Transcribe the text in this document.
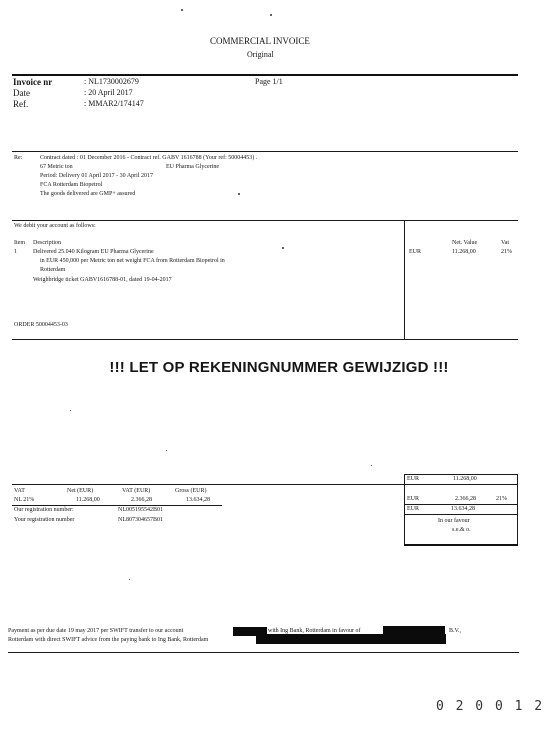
COMMERCIAL INVOICE
Original
Invoice nr	: NL1730002679	Page 1/1
Date	: 20 April 2017
Ref.	: MMAR2/174147
Re:	Contract dated : 01 December 2016 - Contract ref. GABV 1616788 (Your ref: 50004453) .
67 Metric ton	EU Pharma Glycerine
Period: Delivery 01 April 2017 - 30 April 2017
FCA Rotterdam Biopetrol
The goods delivered are GMP+ assured
We debit your account as follows:
Item Description	Net. Value	Vat
1	Delivered 25.040 Kilogram EU Pharma Glycerine
in EUR 450,000 per Metric ton net weight FCA from Rotterdam Biopetrol in
Rotterdam
Weighbridge ticket GABV1616788-01, dated 19-04-2017
EUR	11.268,00	21%
ORDER 50004453-03
!!! LET OP REKENINGNUMMER GEWIJZIGD !!!
VAT	Net (EUR)	VAT (EUR)	Gross (EUR)
NL 21%	11.268,00	2.366,28	13.634,28
Our registration number:	NL005195542B01
Your registration number	NL807304657B01
EUR	11.268,00
EUR	2.366,28	21%
EUR	13.634,28
In our favour
s.e.& o.
Payment as per due date 19 may 2017 per SWIFT transfer to our account	with Ing Bank, Rotterdam in favour of	B.V.,
Rotterdam with direct SWIFT advice from the paying bank to Ing Bank, Rotterdam
0 2 0 0 1 2
